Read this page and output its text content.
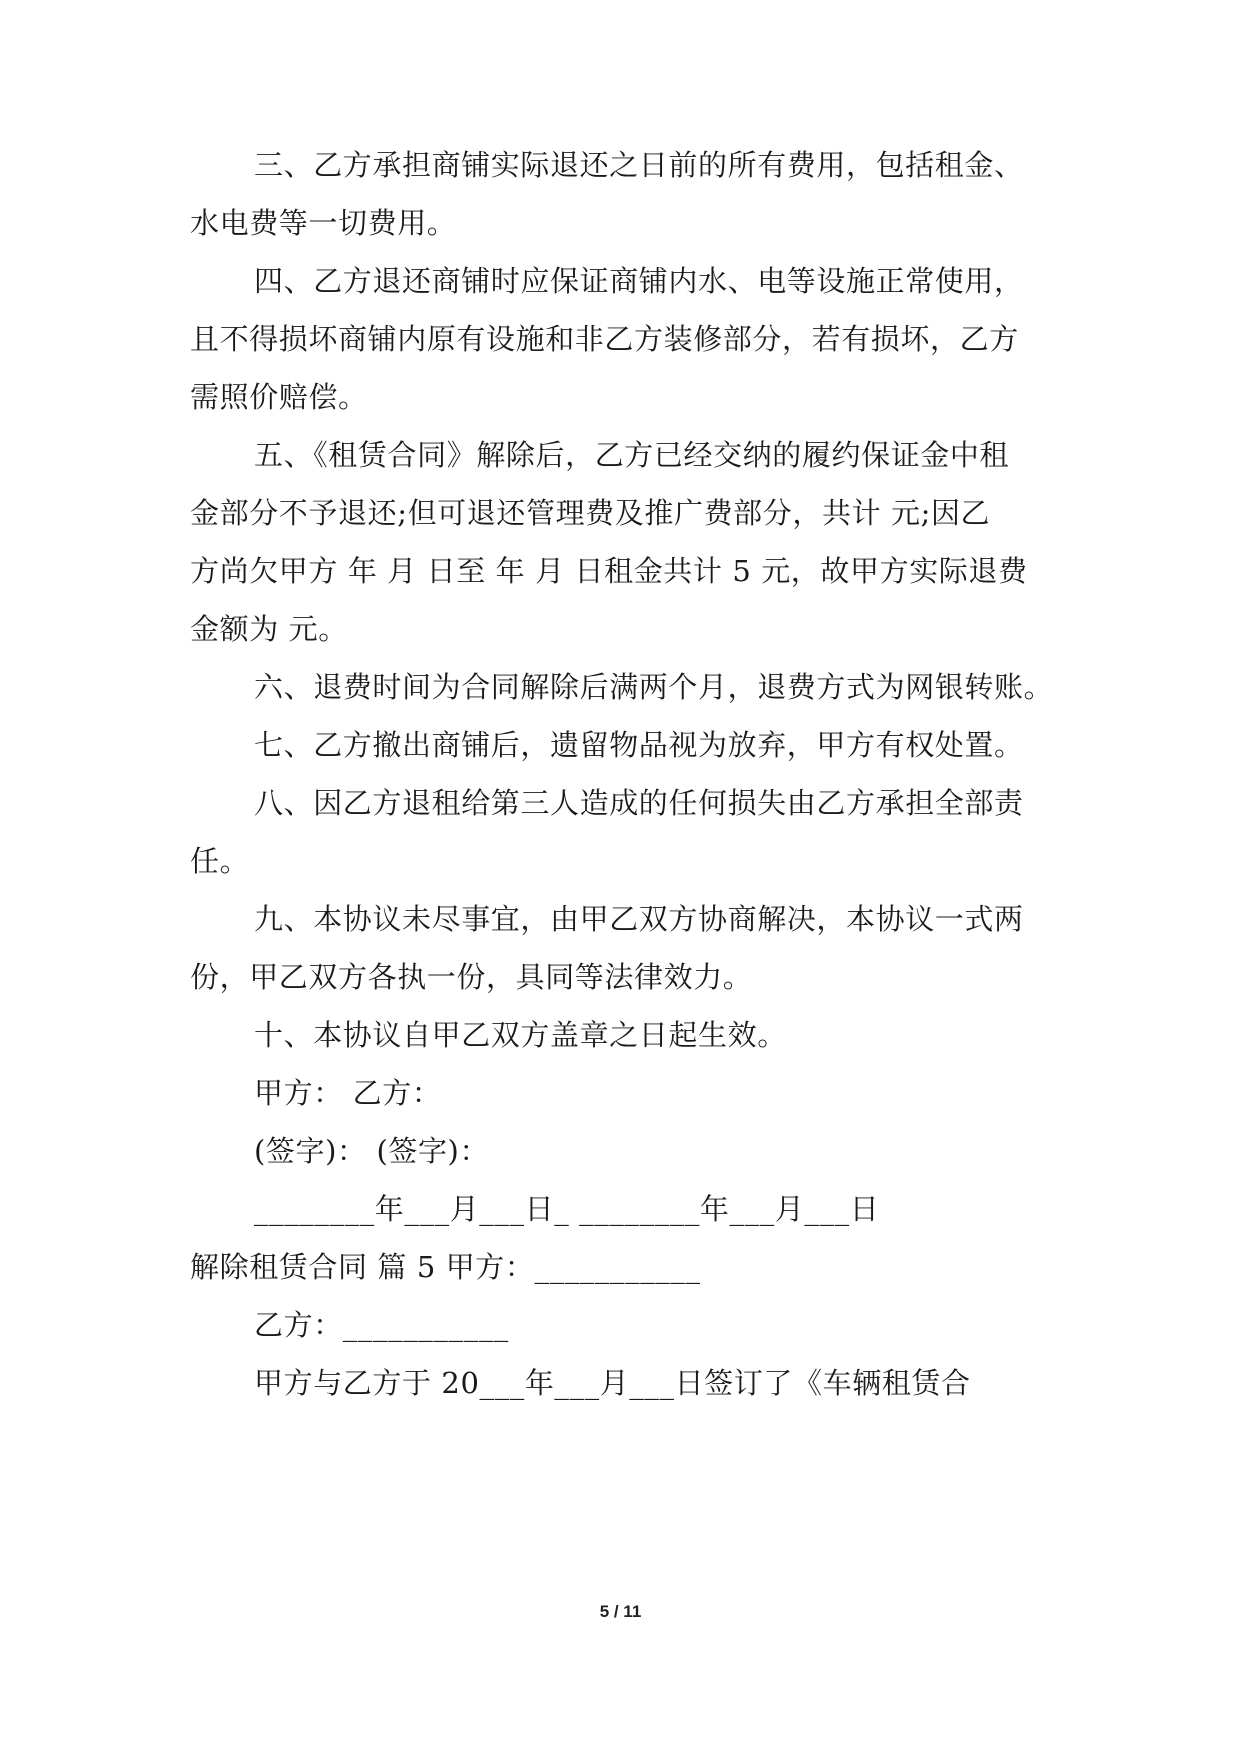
三、乙方承担商铺实际退还之日前的所有费用，包括租金、
水电费等一切费用。
四、乙方退还商铺时应保证商铺内水、电等设施正常使用，
且不得损坏商铺内原有设施和非乙方装修部分，若有损坏，乙方
需照价赔偿。
五、《租赁合同》解除后，乙方已经交纳的履约保证金中租
金部分不予退还;但可退还管理费及推广费部分，共计 元;因乙
方尚欠甲方 年 月 日至 年 月 日租金共计 5 元，故甲方实际退费
金额为 元。
六、退费时间为合同解除后满两个月，退费方式为网银转账。
七、乙方撤出商铺后，遗留物品视为放弃，甲方有权处置。
八、因乙方退租给第三人造成的任何损失由乙方承担全部责
任。
九、本协议未尽事宜，由甲乙双方协商解决，本协议一式两
份，甲乙双方各执一份，具同等法律效力。
十、本协议自甲乙双方盖章之日起生效。
甲方： 乙方：
(签字)： (签字)：
________年___月___日_ ________年___月___日
解除租赁合同 篇 5 甲方：___________
乙方：___________
甲方与乙方于 20___年___月___日签订了《车辆租赁合
5 / 11
